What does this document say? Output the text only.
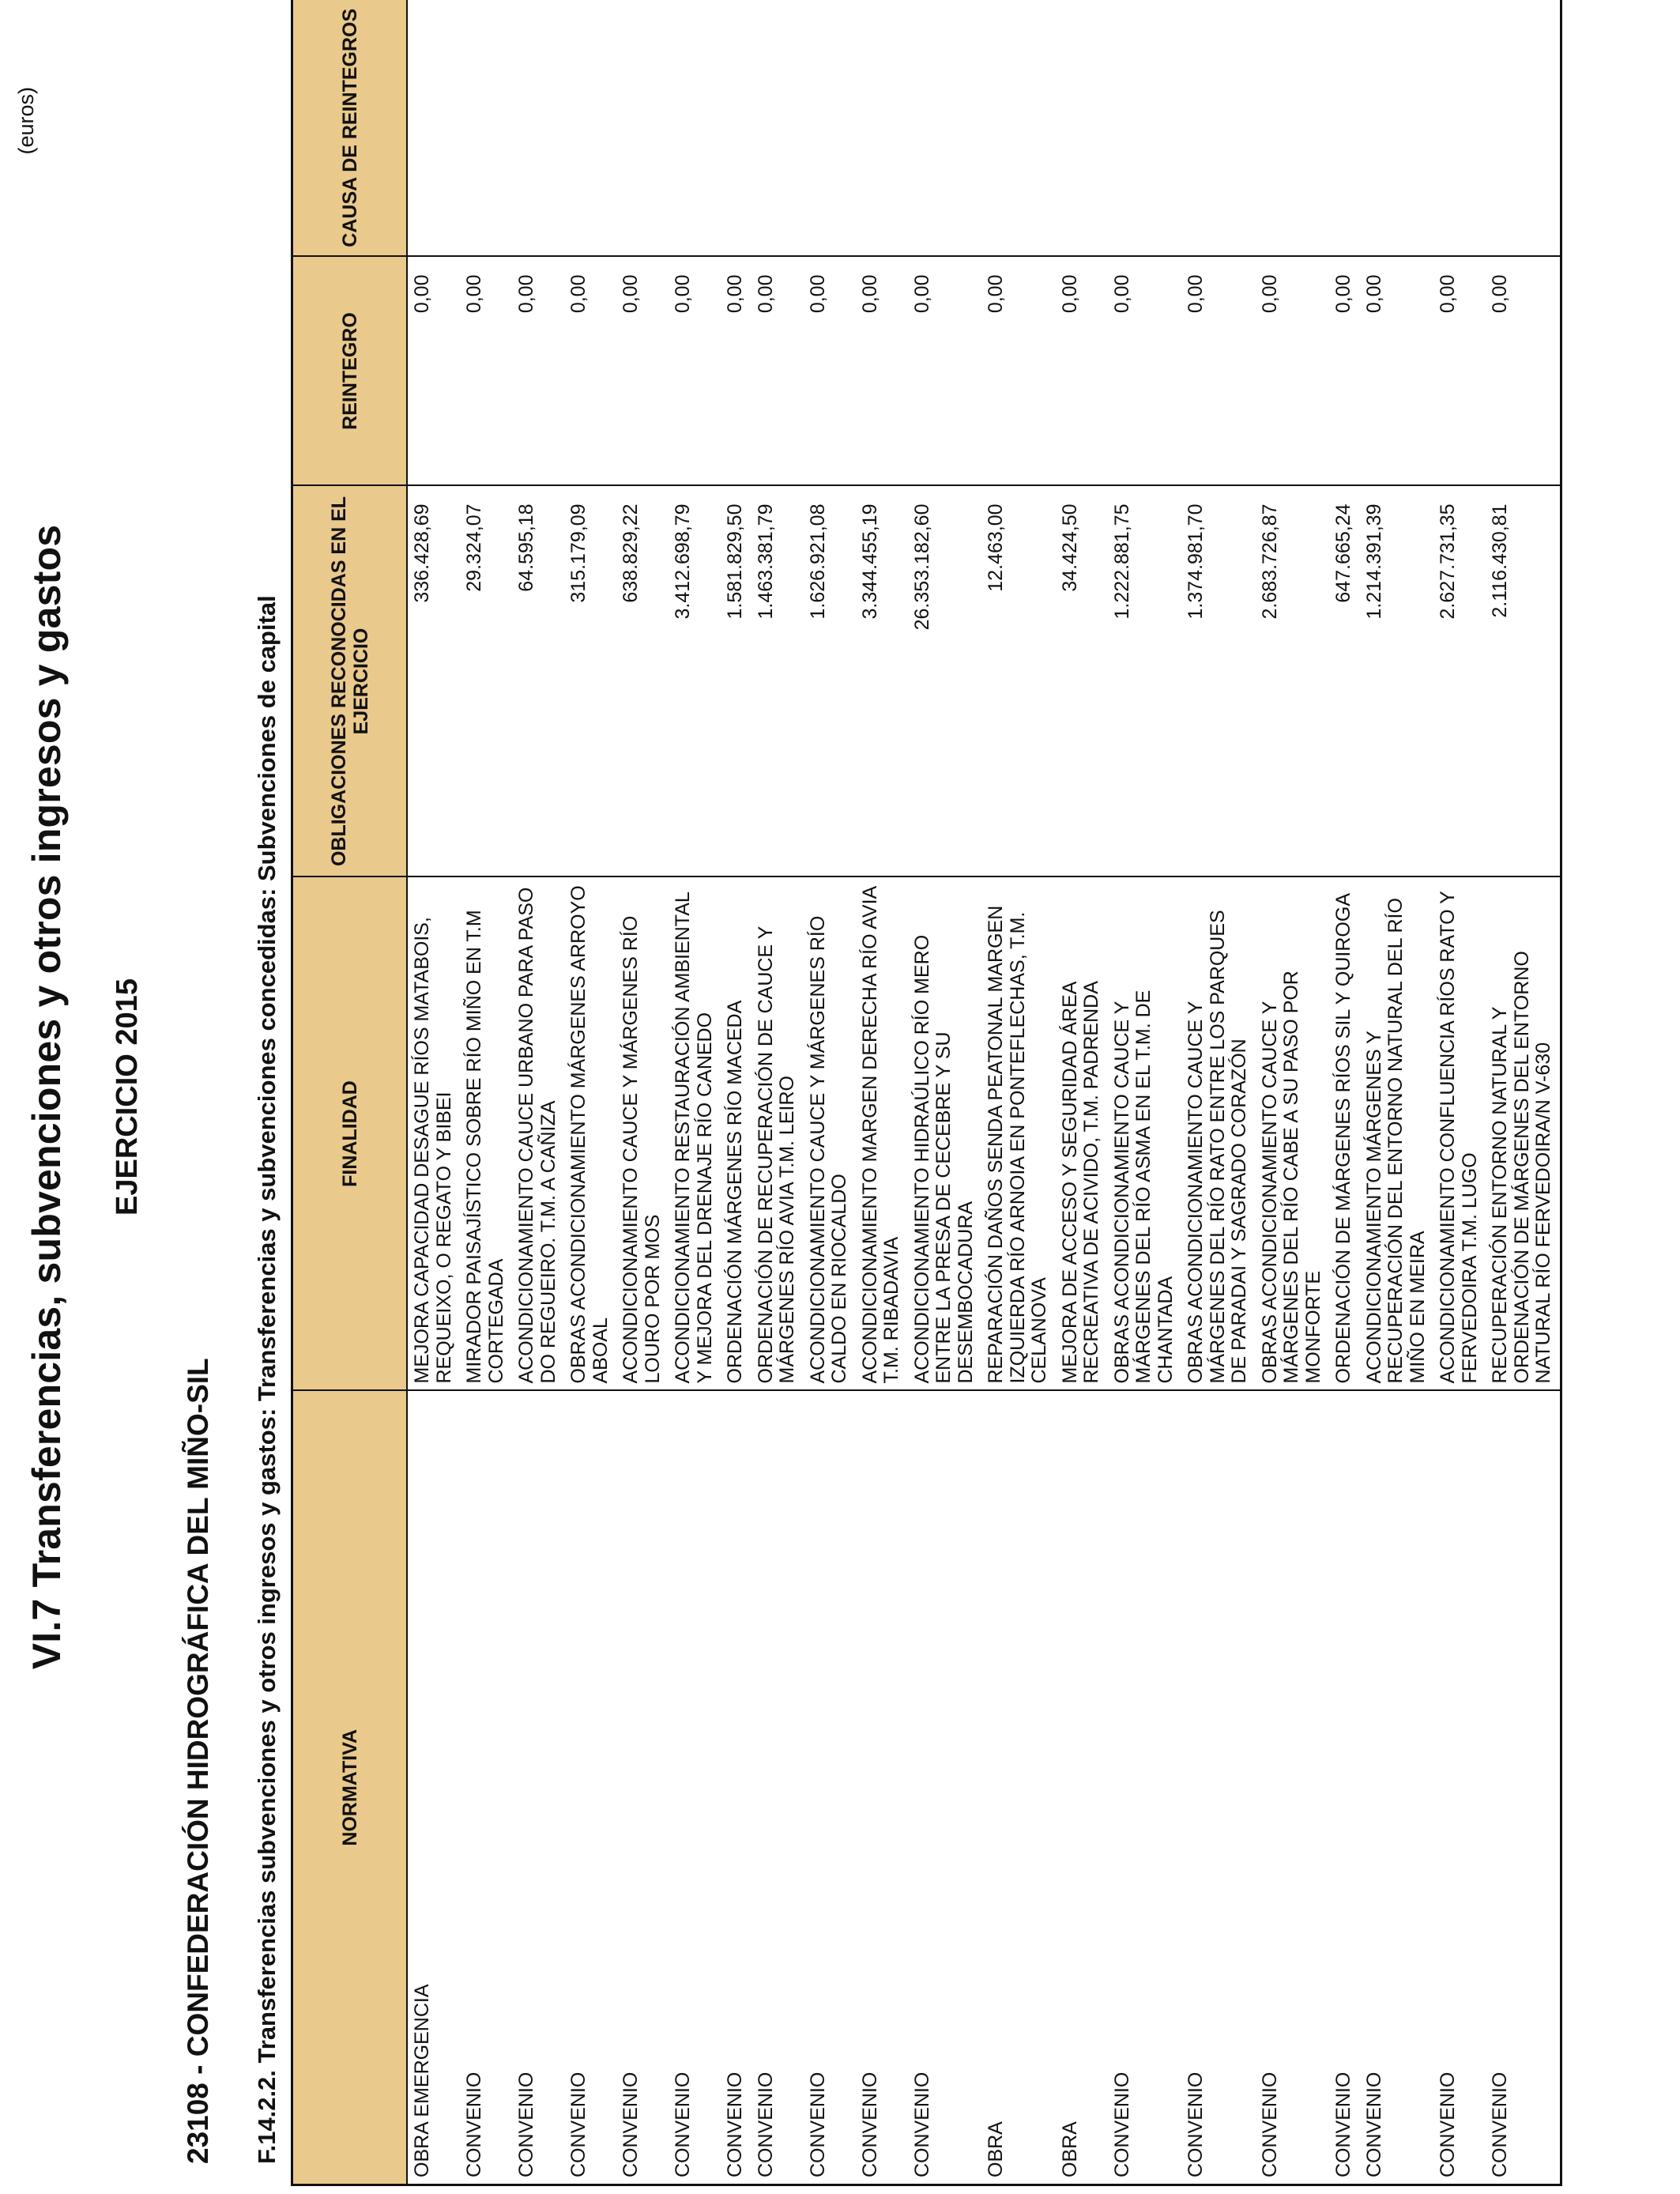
VI.7 Transferencias, subvenciones y otros ingresos y gastos EJERCICIO 2015
23108 - CONFEDERACIÓN HIDROGRÁFICA DEL MIÑO-SIL F.14.2.2. Transferencias subvenciones y otros ingresos y gastos: Transferencias y subvenciones concedidas: Subvenciones de capital
(euros)
NORMATIVA	FINALIDAD	OBLIGACIONES RECONOCIDAS EN EL EJERCICIO	REINTEGRO	CAUSA DE REINTEGROS
OBRA EMERGENCIA	MEJORA CAPACIDAD DESAGUE RÍOS MATABOIS, REQUEIXO, O REGATO Y BIBEI	336.428,69	0,00	
CONVENIO	MIRADOR PAISAJÍSTICO SOBRE RÍO MIÑO EN T.M CORTEGADA	29.324,07	0,00	
CONVENIO	ACONDICIONAMIENTO CAUCE URBANO PARA PASO DO REGUEIRO. T.M. A CAÑIZA	64.595,18	0,00	
CONVENIO	OBRAS ACONDICIONAMIENTO MÁRGENES ARROYO ABOAL	315.179,09	0,00	
CONVENIO	ACONDICIONAMIENTO CAUCE Y MÁRGENES RÍO LOURO POR MOS	638.829,22	0,00	
CONVENIO	ACONDICIONAMIENTO RESTAURACIÓN AMBIENTAL Y MEJORA DEL DRENAJE RÍO CANEDO	3.412.698,79	0,00	
CONVENIO	ORDENACIÓN MÁRGENES RÍO MACEDA	1.581.829,50	0,00	
CONVENIO	ORDENACIÓN DE RECUPERACIÓN DE CAUCE Y MÁRGENES RÍO AVIA T.M. LEIRO	1.463.381,79	0,00	
CONVENIO	ACONDICIONAMIENTO CAUCE Y MÁRGENES RÍO CALDO EN RIOCALDO	1.626.921,08	0,00	
CONVENIO	ACONDICIONAMIENTO MARGEN DERECHA RÍO AVIA T.M. RIBADAVIA	3.344.455,19	0,00	
CONVENIO	ACONDICIONAMIENTO HIDRAÚLICO RÍO MERO ENTRE LA PRESA DE CECEBRE Y SU DESEMBOCADURA	26.353.182,60	0,00	
OBRA	REPARACIÓN DAÑOS SENDA PEATONAL MARGEN IZQUIERDA RÍO ARNOIA EN PONTEFLECHAS, T.M. CELANOVA	12.463,00	0,00	
OBRA	MEJORA DE ACCESO Y SEGURIDAD ÁREA RECREATIVA DE ACIVIDO, T.M. PADRENDA	34.424,50	0,00	
CONVENIO	OBRAS ACONDICIONAMIENTO CAUCE Y MÁRGENES DEL RÍO ASMA EN EL T.M. DE CHANTADA	1.222.881,75	0,00	
CONVENIO	OBRAS ACONDICIONAMIENTO CAUCE Y MÁRGENES DEL RÍO RATO ENTRE LOS PARQUES DE PARADAI Y SAGRADO CORAZÓN	1.374.981,70	0,00	
CONVENIO	OBRAS ACONDICIONAMIENTO CAUCE Y MÁRGENES DEL RÍO CABE A SU PASO POR MONFORTE	2.683.726,87	0,00	
CONVENIO	ORDENACIÓN DE MÁRGENES RÍOS SIL Y QUIROGA	647.665,24	0,00	
CONVENIO	ACONDICIONAMIENTO MÁRGENES Y RECUPERACIÓN DEL ENTORNO NATURAL DEL RÍO MIÑO EN MEIRA	1.214.391,39	0,00	
CONVENIO	ACONDICIONAMIENTO CONFLUENCIA RÍOS RATO Y FERVEDOIRA T.M. LUGO	2.627.731,35	0,00	
CONVENIO	RECUPERACIÓN ENTORNO NATURAL Y ORDENACIÓN DE MÁRGENES DEL ENTORNO NATURAL RÍO FERVEDOIRA/N V-630	2.116.430,81	0,00	
